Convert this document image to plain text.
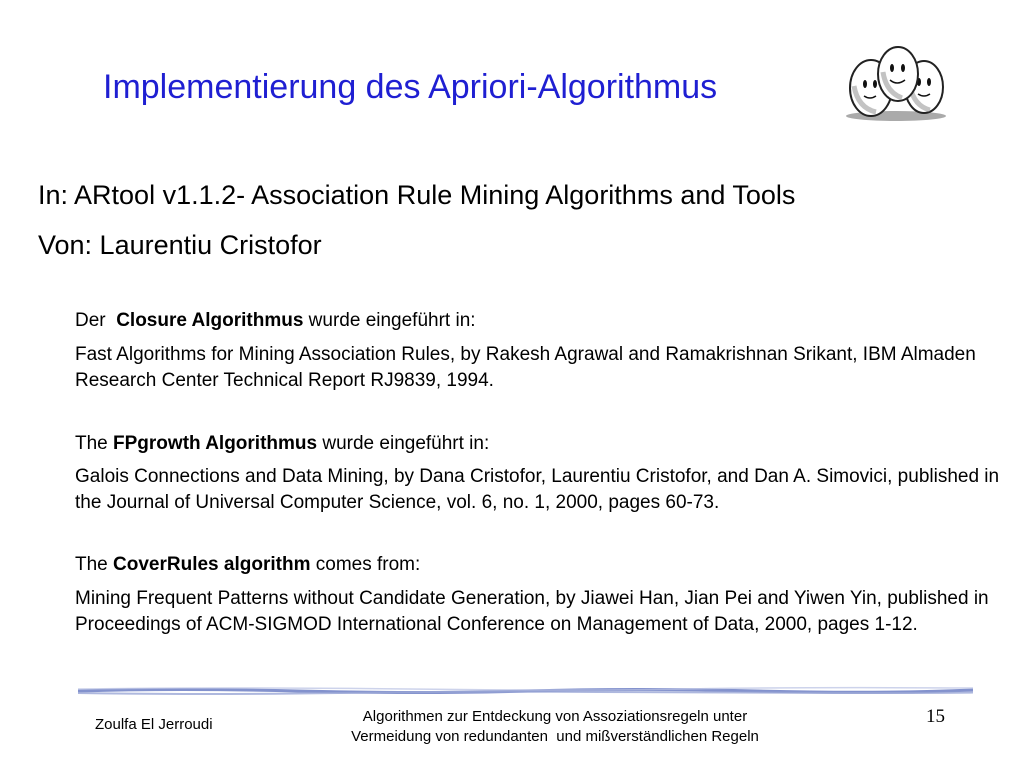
Implementierung des Apriori-Algorithmus
In: ARtool v1.1.2- Association Rule Mining Algorithms and Tools
Von: Laurentiu Cristofor
Der  Closure Algorithmus wurde eingeführt in:
Fast Algorithms for Mining Association Rules, by Rakesh Agrawal and Ramakrishnan Srikant, IBM Almaden Research Center Technical Report RJ9839, 1994.
The FPgrowth Algorithmus wurde eingeführt in:
Galois Connections and Data Mining, by Dana Cristofor, Laurentiu Cristofor, and Dan A. Simovici, published in the Journal of Universal Computer Science, vol. 6, no. 1, 2000, pages 60-73.
The CoverRules algorithm comes from:
Mining Frequent Patterns without Candidate Generation, by Jiawei Han, Jian Pei and Yiwen Yin, published in Proceedings of ACM-SIGMOD International Conference on Management of Data, 2000, pages 1-12.
Zoulfa El Jerroudi	Algorithmen zur Entdeckung von Assoziationsregeln unter
Vermeidung von redundanten  und mißverständlichen Regeln
15
